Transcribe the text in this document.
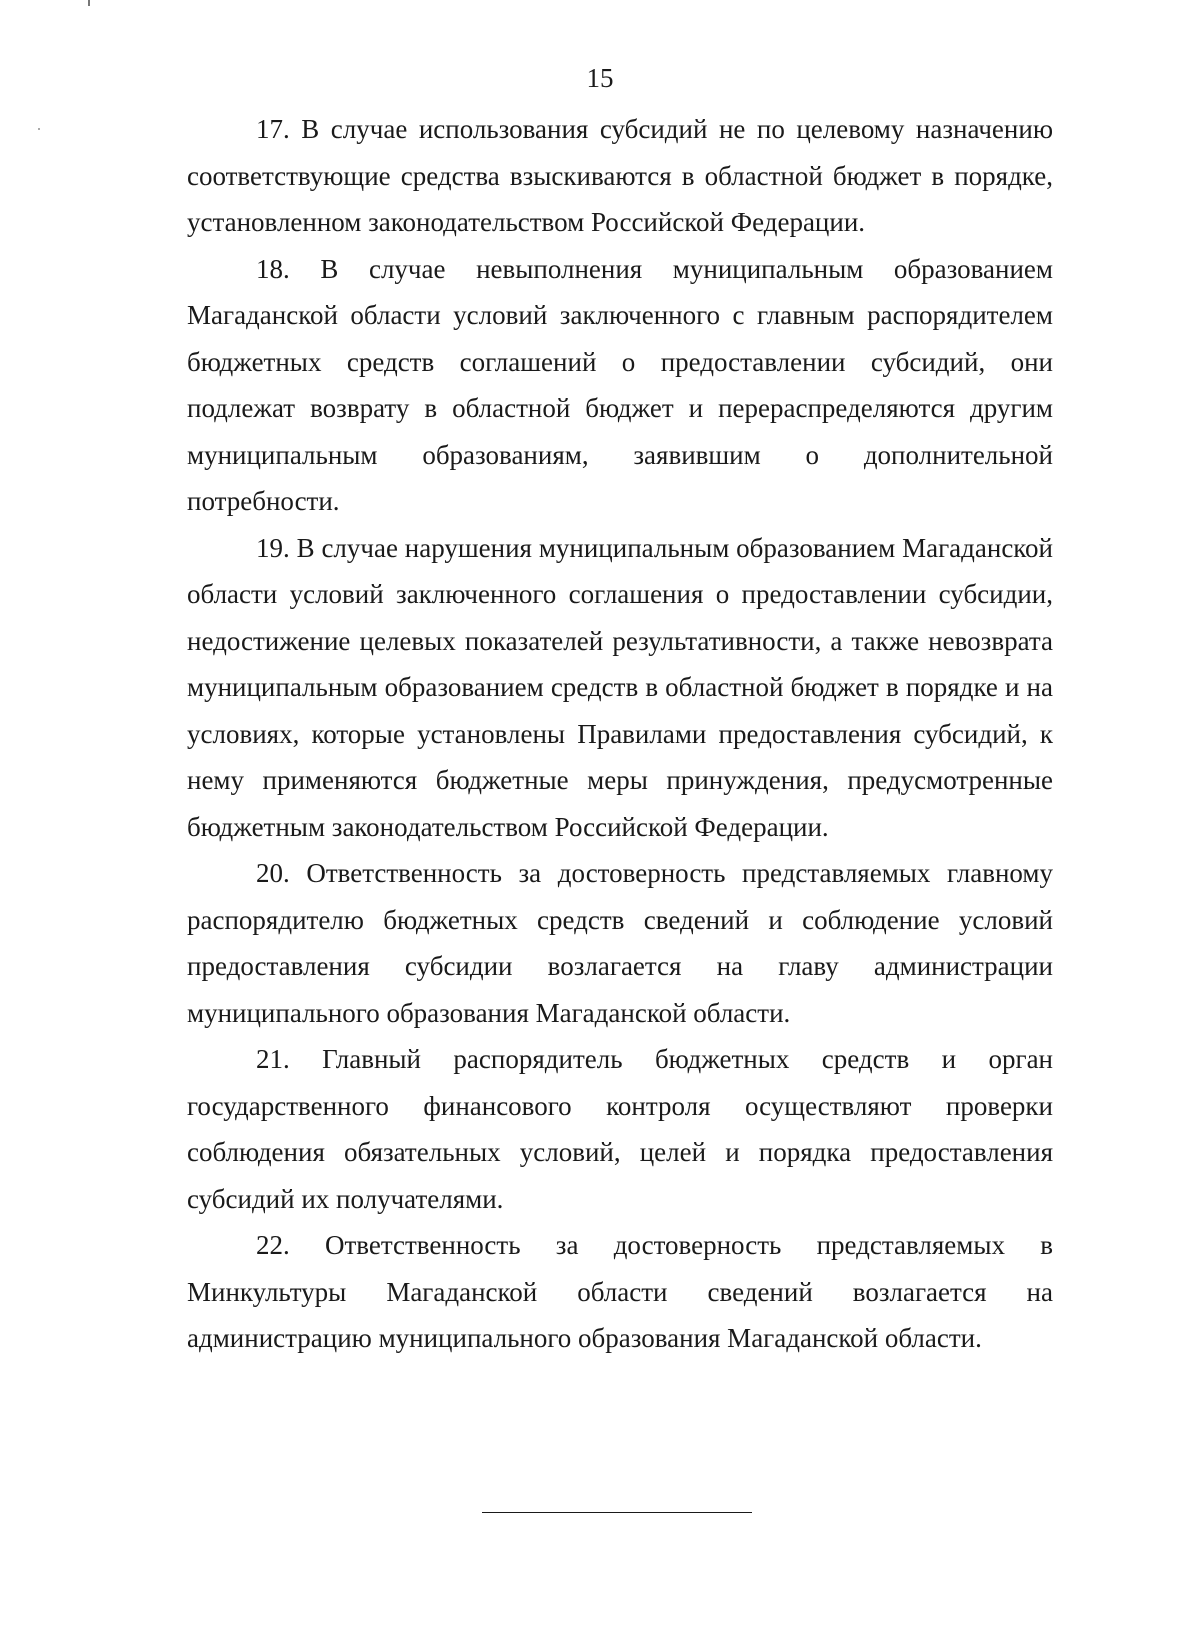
15

17. В случае использования субсидий не по целевому назначению соответствующие средства взыскиваются в областной бюджет в порядке, установленном законодательством Российской Федерации.

18. В случае невыполнения муниципальным образованием Магаданской области условий заключенного с главным распорядителем бюджетных средств соглашений о предоставлении субсидий, они подлежат возврату в областной бюджет и перераспределяются другим муниципальным образованиям, заявившим о дополнительной потребности.

19. В случае нарушения муниципальным образованием Магаданской области условий заключенного соглашения о предоставлении субсидии, недостижение целевых показателей результативности, а также невозврата муниципальным образованием средств в областной бюджет в порядке и на условиях, которые установлены Правилами предоставления субсидий, к нему применяются бюджетные меры принуждения, предусмотренные бюджетным законодательством Российской Федерации.

20. Ответственность за достоверность представляемых главному распорядителю бюджетных средств сведений и соблюдение условий предоставления субсидии возлагается на главу администрации муниципального образования Магаданской области.

21. Главный распорядитель бюджетных средств и орган государственного финансового контроля осуществляют проверки соблюдения обязательных условий, целей и порядка предоставления субсидий их получателями.

22. Ответственность за достоверность представляемых в Минкультуры Магаданской области сведений возлагается на администрацию муниципального образования Магаданской области.
